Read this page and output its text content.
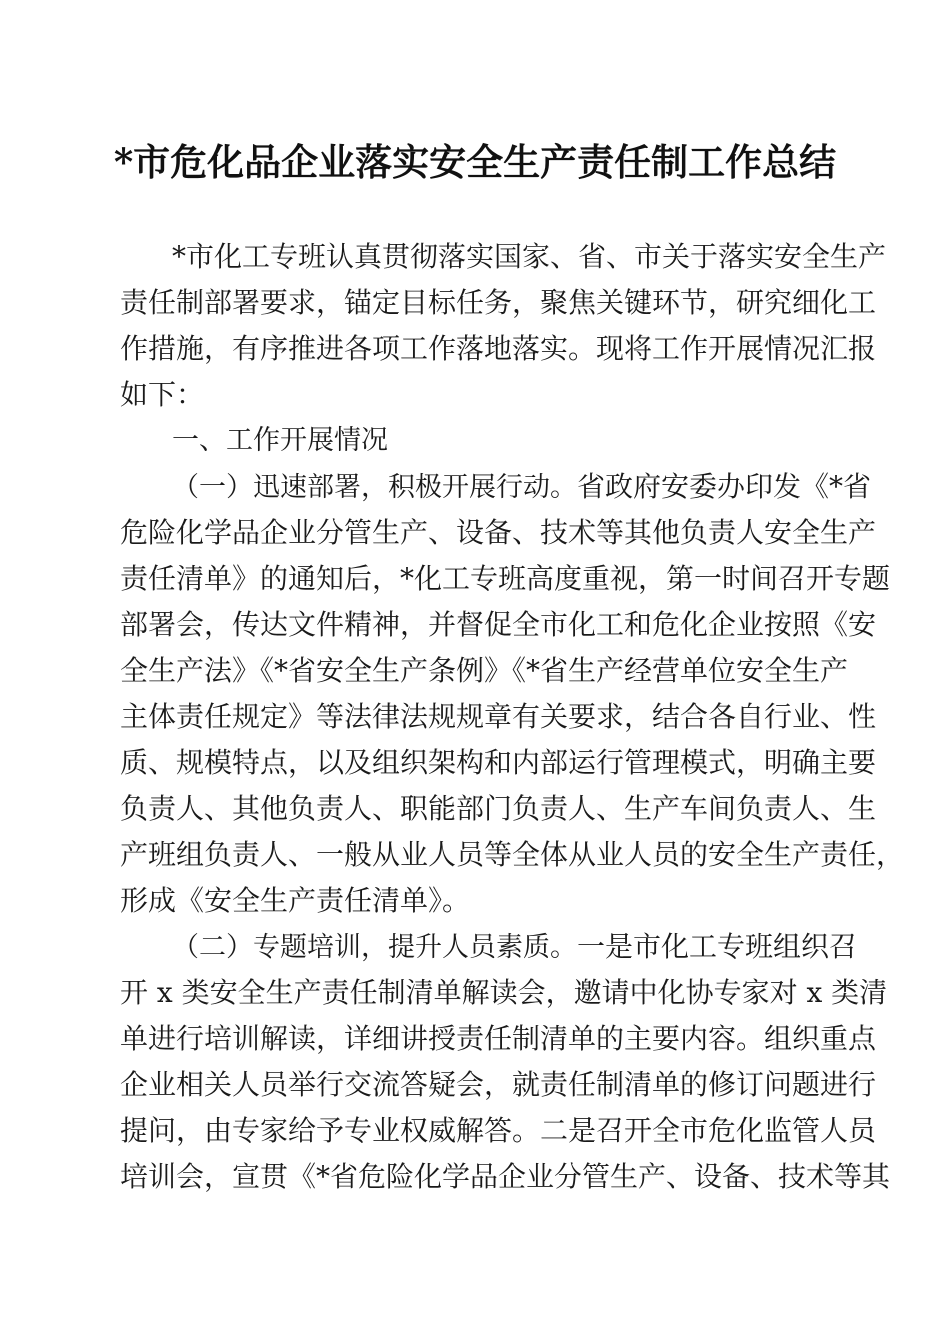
*市危化品企业落实安全生产责任制工作总结
*市化工专班认真贯彻落实国家、省、市关于落实安全生产
责任制部署要求，锚定目标任务，聚焦关键环节，研究细化工
作措施，有序推进各项工作落地落实。现将工作开展情况汇报
如下：
一、工作开展情况
（一）迅速部署，积极开展行动。省政府安委办印发《*省
危险化学品企业分管生产、设备、技术等其他负责人安全生产
责任清单》的通知后，*化工专班高度重视，第一时间召开专题
部署会，传达文件精神，并督促全市化工和危化企业按照《安
全生产法》《*省安全生产条例》《*省生产经营单位安全生产
主体责任规定》等法律法规规章有关要求，结合各自行业、性
质、规模特点，以及组织架构和内部运行管理模式，明确主要
负责人、其他负责人、职能部门负责人、生产车间负责人、生
产班组负责人、一般从业人员等全体从业人员的安全生产责任，
形成《安全生产责任清单》。
（二）专题培训，提升人员素质。一是市化工专班组织召
开 x 类安全生产责任制清单解读会，邀请中化协专家对 x 类清
单进行培训解读，详细讲授责任制清单的主要内容。组织重点
企业相关人员举行交流答疑会，就责任制清单的修订问题进行
提问，由专家给予专业权威解答。二是召开全市危化监管人员
培训会，宣贯《*省危险化学品企业分管生产、设备、技术等其
